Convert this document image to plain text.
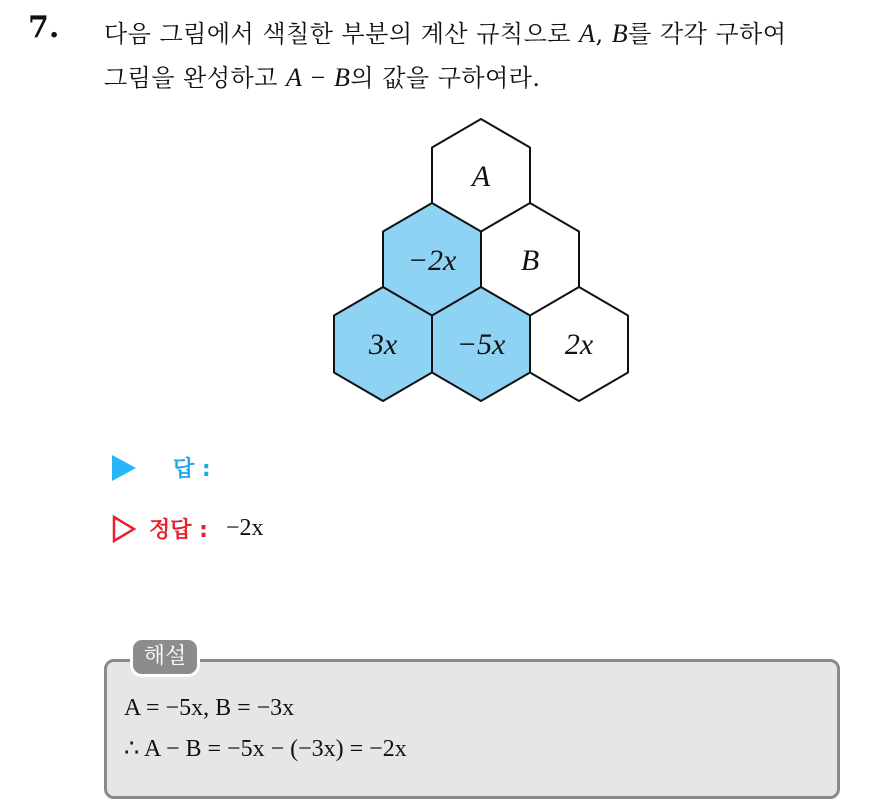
7. 다음 그림에서 색칠한 부분의 계산 규칙으로 A, B를 각각 구하여
그림을 완성하고 A − B의 값을 구하여라.
A
−2x B
3x −5x 2x
답 :
정답 : −2x
해설
A = −5x, B = −3x
∴ A − B = −5x − (−3x) = −2x
